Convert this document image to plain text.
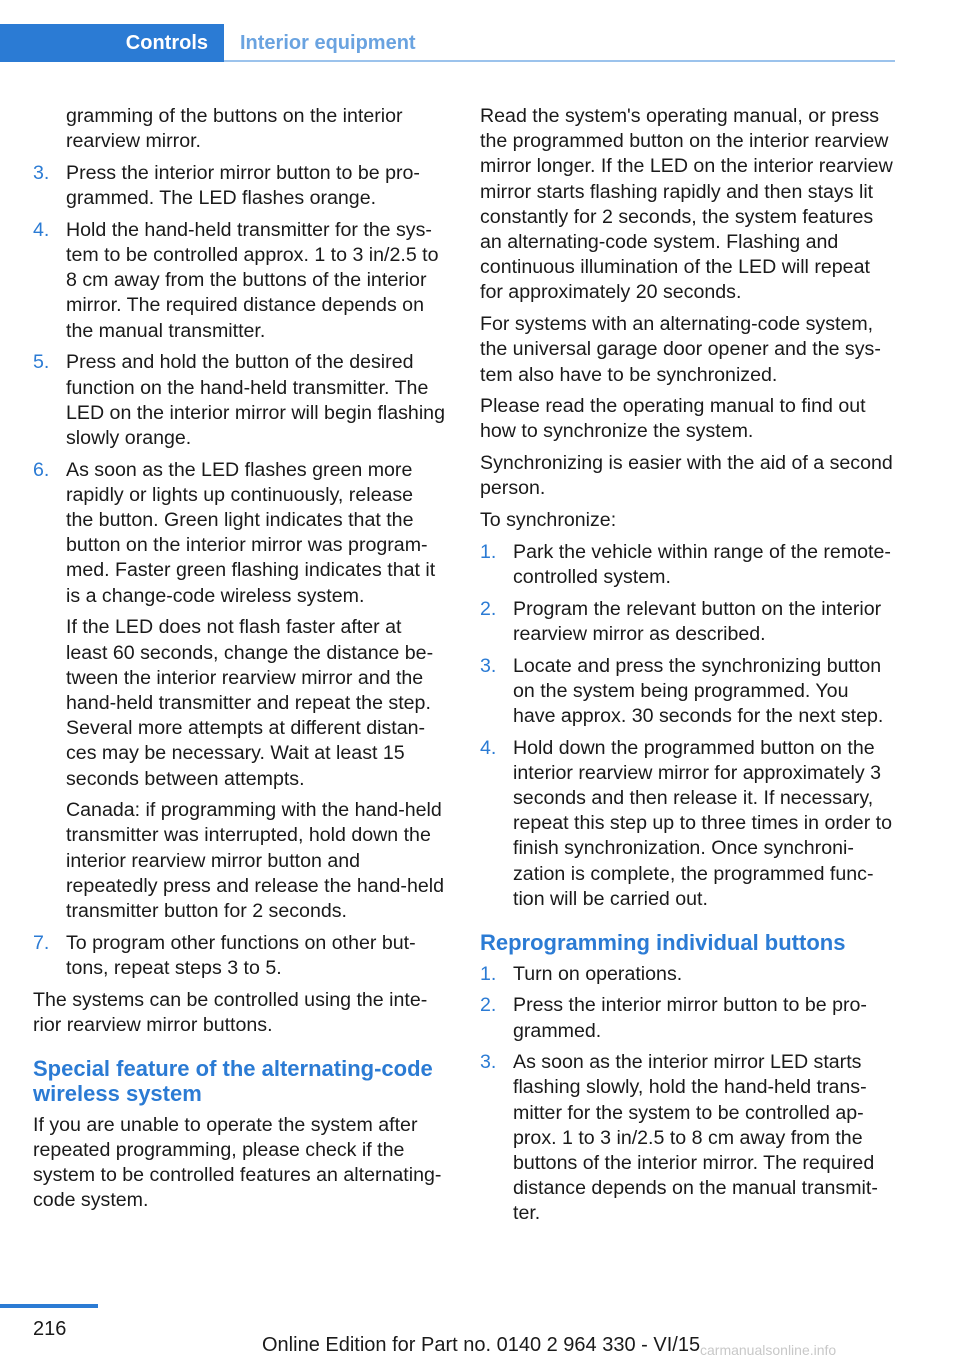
Controls Interior equipment

gramming of the buttons on the interior rearview mirror.

3. Press the interior mirror button to be programmed. The LED flashes orange.
4. Hold the hand-held transmitter for the system to be controlled approx. 1 to 3 in/2.5 to 8 cm away from the buttons of the interior mirror. The required distance depends on the manual transmitter.
5. Press and hold the button of the desired function on the hand-held transmitter. The LED on the interior mirror will begin flashing slowly orange.
6. As soon as the LED flashes green more rapidly or lights up continuously, release the button. Green light indicates that the button on the interior mirror was programmed. Faster green flashing indicates that it is a change-code wireless system.

If the LED does not flash faster after at least 60 seconds, change the distance between the interior rearview mirror and the hand-held transmitter and repeat the step. Several more attempts at different distances may be necessary. Wait at least 15 seconds between attempts.

Canada: if programming with the hand-held transmitter was interrupted, hold down the interior rearview mirror button and repeatedly press and release the hand-held transmitter button for 2 seconds.

7. To program other functions on other buttons, repeat steps 3 to 5.

The systems can be controlled using the interior rearview mirror buttons.

Special feature of the alternating-code wireless system

If you are unable to operate the system after repeated programming, please check if the system to be controlled features an alternating-code system.

Read the system's operating manual, or press the programmed button on the interior rearview mirror longer. If the LED on the interior rearview mirror starts flashing rapidly and then stays lit constantly for 2 seconds, the system features an alternating-code system. Flashing and continuous illumination of the LED will repeat for approximately 20 seconds.

For systems with an alternating-code system, the universal garage door opener and the system also have to be synchronized.

Please read the operating manual to find out how to synchronize the system.

Synchronizing is easier with the aid of a second person.

To synchronize:

1. Park the vehicle within range of the remote-controlled system.
2. Program the relevant button on the interior rearview mirror as described.
3. Locate and press the synchronizing button on the system being programmed. You have approx. 30 seconds for the next step.
4. Hold down the programmed button on the interior rearview mirror for approximately 3 seconds and then release it. If necessary, repeat this step up to three times in order to finish synchronization. Once synchronization is complete, the programmed function will be carried out.
Reprogramming individual buttons
1. Turn on operations.
2. Press the interior mirror button to be programmed.
3. As soon as the interior mirror LED starts flashing slowly, hold the hand-held transmitter for the system to be controlled approx. 1 to 3 in/2.5 to 8 cm away from the buttons of the interior mirror. The required distance depends on the manual transmitter.
216
Online Edition for Part no. 0140 2 964 330 - VI/15 carmanualsonline.info
